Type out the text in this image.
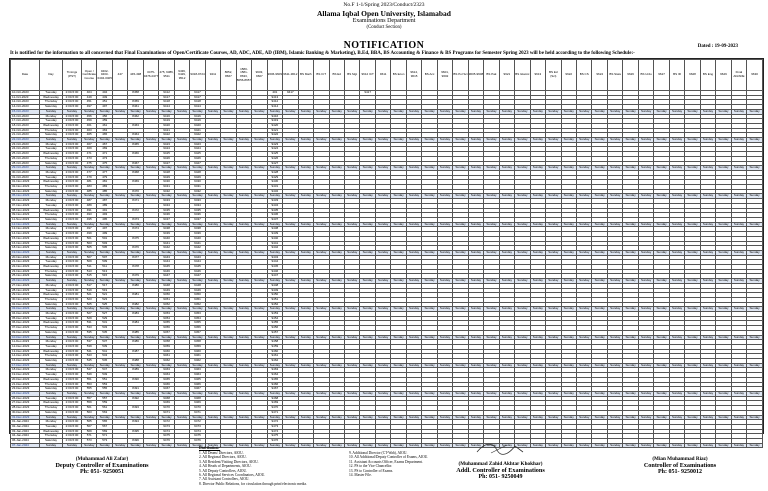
No.F 1-1/Spring 2023/Conduct/2323
Allama Iqbal Open University, Islamabad
Examinations Department
(Conduct Section)
Dated : 19-09-2023
NOTIFICATION
It is notified for the information to all concerned that Final Examinations of Open/Certificate Courses, AD, ADC, ADE, AD (IBM), Islamic Banking & Marketing), B.Ed, BBA, BS Accounting & Finance & BS Programs for Semester Spring 2023 will be held according to the following Schedule:-
Date	Day	Timings (PST)	Open / Certificate Course	0402-0403-0404-0405	447	445-498	0475-0476-0477	475, 9386, 9511	9436, 6429, 9512	9318-9724	9411	8652, 8667	1580-1581-8633, 8656-8657	9603, 9607	9606-9609	9611-9612	BS Math	BS ICT	BS Ed	BS Mgt	9612 ICT	9611	BS Econ	9614, 9615	BS Acc	9601, 9602	BS Pol Sci	9605-9608	BS Pak	9621	BS Islamic	9613	BS Ed (Sci)	9622	BS CS	9624	BS Stats	9626	BS Urdu	9627	BS IR	9628	BS Eng	9629	Final AD/ADE	9630
10-Oct-2023	Tuesday	2:00-5:00	404	404		8458		9412		9417					401	9417					9417																									
11-Oct-2023	Wednesday	2:00-5:00	449	449				9417		9417					9413																															
12-Oct-2023	Thursday	2:00-5:00	451	451		8459		9418		9418					9412																															
14-Oct-2023	Saturday	2:00-5:00	497	497		8461		9414		9414					9414																															
15-Oct-2023	Sunday	Sunday	Sunday	Sunday	Sunday	Sunday	Sunday	Sunday	Sunday	Sunday	Sunday	Sunday	Sunday	Sunday	Sunday	Sunday	Sunday	Sunday	Sunday	Sunday	Sunday	Sunday	Sunday	Sunday	Sunday	Sunday	Sunday	Sunday	Sunday	Sunday	Sunday	Sunday	Sunday	Sunday	Sunday	Sunday	Sunday	Sunday	Sunday	Sunday	Sunday	Sunday	Sunday	Sunday	Sunday	Sunday
16-Oct-2023	Monday	2:00-5:00	456	456		8462		9416		9416					9416																															
17-Oct-2023	Tuesday	2:00-5:00	459	459				9419		9419					9419																															
18-Oct-2023	Wednesday	2:00-5:00	461	461		8463		9420		9420					9420																															
19-Oct-2023	Thursday	2:00-5:00	463	463				9421		9421					9421																															
21-Oct-2023	Saturday	2:00-5:00	465	465		8464		9422		9422					9422																															
22-Oct-2023	Sunday	Sunday	Sunday	Sunday	Sunday	Sunday	Sunday	Sunday	Sunday	Sunday	Sunday	Sunday	Sunday	Sunday	Sunday	Sunday	Sunday	Sunday	Sunday	Sunday	Sunday	Sunday	Sunday	Sunday	Sunday	Sunday	Sunday	Sunday	Sunday	Sunday	Sunday	Sunday	Sunday	Sunday	Sunday	Sunday	Sunday	Sunday	Sunday	Sunday	Sunday	Sunday	Sunday	Sunday	Sunday	Sunday
23-Oct-2023	Monday	2:00-5:00	467	467		8465		9423		9423					9423																															
24-Oct-2023	Tuesday	2:00-5:00	469	469				9424		9424					9424																															
25-Oct-2023	Wednesday	2:00-5:00	471	471		8466		9425		9425					9425																															
26-Oct-2023	Thursday	2:00-5:00	473	473				9426		9426					9426																															
28-Oct-2023	Saturday	2:00-5:00	475	475		8467		9427		9427					9427																															
29-Oct-2023	Sunday	Sunday	Sunday	Sunday	Sunday	Sunday	Sunday	Sunday	Sunday	Sunday	Sunday	Sunday	Sunday	Sunday	Sunday	Sunday	Sunday	Sunday	Sunday	Sunday	Sunday	Sunday	Sunday	Sunday	Sunday	Sunday	Sunday	Sunday	Sunday	Sunday	Sunday	Sunday	Sunday	Sunday	Sunday	Sunday	Sunday	Sunday	Sunday	Sunday	Sunday	Sunday	Sunday	Sunday	Sunday	Sunday
30-Oct-2023	Monday	2:00-5:00	477	477		8468		9428		9428					9428																															
31-Oct-2023	Tuesday	2:00-5:00	479	479				9429		9429					9429																															
01-Nov-2023	Wednesday	2:00-5:00	481	481		8469		9430		9430					9430																															
02-Nov-2023	Thursday	2:00-5:00	483	483				9431		9431					9431																															
04-Nov-2023	Saturday	2:00-5:00	485	485		8470		9432		9432					9432																															
05-Nov-2023	Sunday	Sunday	Sunday	Sunday	Sunday	Sunday	Sunday	Sunday	Sunday	Sunday	Sunday	Sunday	Sunday	Sunday	Sunday	Sunday	Sunday	Sunday	Sunday	Sunday	Sunday	Sunday	Sunday	Sunday	Sunday	Sunday	Sunday	Sunday	Sunday	Sunday	Sunday	Sunday	Sunday	Sunday	Sunday	Sunday	Sunday	Sunday	Sunday	Sunday	Sunday	Sunday	Sunday	Sunday	Sunday	Sunday
06-Nov-2023	Monday	2:00-5:00	487	487		8471		9433		9433					9433																															
07-Nov-2023	Tuesday	2:00-5:00	489	489				9434		9434					9434																															
08-Nov-2023	Wednesday	2:00-5:00	491	491		8472		9435		9435					9435																															
09-Nov-2023	Thursday	2:00-5:00	493	493				9436		9436					9436																															
11-Nov-2023	Saturday	2:00-5:00	495	495		8473		9437		9437					9437																															
12-Nov-2023	Sunday	Sunday	Sunday	Sunday	Sunday	Sunday	Sunday	Sunday	Sunday	Sunday	Sunday	Sunday	Sunday	Sunday	Sunday	Sunday	Sunday	Sunday	Sunday	Sunday	Sunday	Sunday	Sunday	Sunday	Sunday	Sunday	Sunday	Sunday	Sunday	Sunday	Sunday	Sunday	Sunday	Sunday	Sunday	Sunday	Sunday	Sunday	Sunday	Sunday	Sunday	Sunday	Sunday	Sunday	Sunday	Sunday
13-Nov-2023	Monday	2:00-5:00	497	497		8474		9438		9438					9438																															
14-Nov-2023	Tuesday	2:00-5:00	499	499				9439		9439					9439																															
15-Nov-2023	Wednesday	2:00-5:00	501	501		8475		9440		9440					9440																															
16-Nov-2023	Thursday	2:00-5:00	503	503				9441		9441					9441																															
18-Nov-2023	Saturday	2:00-5:00	505	505		8476		9442		9442					9442																															
19-Nov-2023	Sunday	Sunday	Sunday	Sunday	Sunday	Sunday	Sunday	Sunday	Sunday	Sunday	Sunday	Sunday	Sunday	Sunday	Sunday	Sunday	Sunday	Sunday	Sunday	Sunday	Sunday	Sunday	Sunday	Sunday	Sunday	Sunday	Sunday	Sunday	Sunday	Sunday	Sunday	Sunday	Sunday	Sunday	Sunday	Sunday	Sunday	Sunday	Sunday	Sunday	Sunday	Sunday	Sunday	Sunday	Sunday	Sunday
20-Nov-2023	Monday	2:00-5:00	507	507		8477		9443		9443					9443																															
21-Nov-2023	Tuesday	2:00-5:00	509	509				9444		9444					9444																															
22-Nov-2023	Wednesday	2:00-5:00	511	511		8478		9445		9445					9445																															
23-Nov-2023	Thursday	2:00-5:00	513	513				9446		9446					9446																															
25-Nov-2023	Saturday	2:00-5:00	515	515		8479		9447		9447					9447																															
26-Nov-2023	Sunday	Sunday	Sunday	Sunday	Sunday	Sunday	Sunday	Sunday	Sunday	Sunday	Sunday	Sunday	Sunday	Sunday	Sunday	Sunday	Sunday	Sunday	Sunday	Sunday	Sunday	Sunday	Sunday	Sunday	Sunday	Sunday	Sunday	Sunday	Sunday	Sunday	Sunday	Sunday	Sunday	Sunday	Sunday	Sunday	Sunday	Sunday	Sunday	Sunday	Sunday	Sunday	Sunday	Sunday	Sunday	Sunday
27-Nov-2023	Monday	2:00-5:00	517	517		8480		9448		9448					9448																															
28-Nov-2023	Tuesday	2:00-5:00	519	519				9449		9449					9449																															
29-Nov-2023	Wednesday	2:00-5:00	521	521		8481		9450		9450					9450																															
30-Nov-2023	Thursday	2:00-5:00	523	523				9451		9451					9451																															
02-Dec-2023	Saturday	2:00-5:00	525	525		8482		9452		9452					9452																															
03-Dec-2023	Sunday	Sunday	Sunday	Sunday	Sunday	Sunday	Sunday	Sunday	Sunday	Sunday	Sunday	Sunday	Sunday	Sunday	Sunday	Sunday	Sunday	Sunday	Sunday	Sunday	Sunday	Sunday	Sunday	Sunday	Sunday	Sunday	Sunday	Sunday	Sunday	Sunday	Sunday	Sunday	Sunday	Sunday	Sunday	Sunday	Sunday	Sunday	Sunday	Sunday	Sunday	Sunday	Sunday	Sunday	Sunday	Sunday
04-Dec-2023	Monday	2:00-5:00	527	527		8483		9453		9453					9453																															
05-Dec-2023	Tuesday	2:00-5:00	529	529				9454		9454					9454																															
06-Dec-2023	Wednesday	2:00-5:00	531	531		8484		9455		9455					9455																															
07-Dec-2023	Thursday	2:00-5:00	533	533				9456		9456					9456																															
09-Dec-2023	Saturday	2:00-5:00	535	535		8485		9457		9457					9457																															
10-Dec-2023	Sunday	Sunday	Sunday	Sunday	Sunday	Sunday	Sunday	Sunday	Sunday	Sunday	Sunday	Sunday	Sunday	Sunday	Sunday	Sunday	Sunday	Sunday	Sunday	Sunday	Sunday	Sunday	Sunday	Sunday	Sunday	Sunday	Sunday	Sunday	Sunday	Sunday	Sunday	Sunday	Sunday	Sunday	Sunday	Sunday	Sunday	Sunday	Sunday	Sunday	Sunday	Sunday	Sunday	Sunday	Sunday	Sunday
11-Dec-2023	Monday	2:00-5:00	537	537		8486		9458		9458					9458																															
12-Dec-2023	Tuesday	2:00-5:00	539	539				9459		9459					9459																															
13-Dec-2023	Wednesday	2:00-5:00	541	541		8487		9460		9460					9460																															
14-Dec-2023	Thursday	2:00-5:00	543	543				9461		9461					9461																															
16-Dec-2023	Saturday	2:00-5:00	545	545		8488		9462		9462					9462																															
17-Dec-2023	Sunday	Sunday	Sunday	Sunday	Sunday	Sunday	Sunday	Sunday	Sunday	Sunday	Sunday	Sunday	Sunday	Sunday	Sunday	Sunday	Sunday	Sunday	Sunday	Sunday	Sunday	Sunday	Sunday	Sunday	Sunday	Sunday	Sunday	Sunday	Sunday	Sunday	Sunday	Sunday	Sunday	Sunday	Sunday	Sunday	Sunday	Sunday	Sunday	Sunday	Sunday	Sunday	Sunday	Sunday	Sunday	Sunday
18-Dec-2023	Monday	2:00-5:00	547	547		8489		9463		9463					9463																															
19-Dec-2023	Tuesday	2:00-5:00	549	549				9464		9464					9464																															
20-Dec-2023	Wednesday	2:00-5:00	551	551		8490		9465		9465					9465																															
21-Dec-2023	Thursday	2:00-5:00	553	553				9466		9466					9466																															
23-Dec-2023	Saturday	2:00-5:00	555	555		8491		9467		9467					9467																															
24-Dec-2023	Sunday	Sunday	Sunday	Sunday	Sunday	Sunday	Sunday	Sunday	Sunday	Sunday	Sunday	Sunday	Sunday	Sunday	Sunday	Sunday	Sunday	Sunday	Sunday	Sunday	Sunday	Sunday	Sunday	Sunday	Sunday	Sunday	Sunday	Sunday	Sunday	Sunday	Sunday	Sunday	Sunday	Sunday	Sunday	Sunday	Sunday	Sunday	Sunday	Sunday	Sunday	Sunday	Sunday	Sunday	Sunday	Sunday
26-Dec-2023	Tuesday	2:00-5:00	557	557		8492		9468		9468					9468																															
27-Dec-2023	Wednesday	2:00-5:00	559	559				9469		9469					9469																															
28-Dec-2023	Thursday	2:00-5:00	561	561		8493		9470		9470					9470																															
30-Dec-2023	Saturday	2:00-5:00	563	563				9471		9471					9471																															
31-Dec-2023	Sunday	Sunday	Sunday	Sunday	Sunday	Sunday	Sunday	Sunday	Sunday	Sunday	Sunday	Sunday	Sunday	Sunday	Sunday	Sunday	Sunday	Sunday	Sunday	Sunday	Sunday	Sunday	Sunday	Sunday	Sunday	Sunday	Sunday	Sunday	Sunday	Sunday	Sunday	Sunday	Sunday	Sunday	Sunday	Sunday	Sunday	Sunday	Sunday	Sunday	Sunday	Sunday	Sunday	Sunday	Sunday	Sunday
01-Jan-2024	Monday	2:00-5:00	565	565		8494		9472		9472					9472																															
02-Jan-2024	Tuesday	2:00-5:00	567	567				9473		9473					9473																															
03-Jan-2024	Wednesday	2:00-5:00	569	569		8495		9474		9474					9474																															
04-Jan-2024	Thursday	2:00-5:00	571	571				9475		9475					9475																															
06-Jan-2024	Saturday	2:00-5:00	573	573		8496		9476		9476					9476																															
07-Jan-2024	Sunday	Sunday	Sunday	Sunday	Sunday	Sunday	Sunday	Sunday	Sunday	Sunday	Sunday	Sunday	Sunday	Sunday	Sunday	Sunday	Sunday	Sunday	Sunday	Sunday	Sunday	Sunday	Sunday	Sunday	Sunday	Sunday	Sunday	Sunday	Sunday	Sunday	Sunday	Sunday	Sunday	Sunday	Sunday	Sunday	Sunday	Sunday	Sunday	Sunday	Sunday	Sunday	Sunday	Sunday	Sunday	Sunday
(Muhammad Ali Zafar)
Deputy Controller of Examinations
Ph: 051- 9250051
Distribution:-
1. All Deans/ Directors, AIOU.
2. All Regional Directors, AIOU.
3. All Resident/Visiting Directors, AIOU.
4. All Heads of Departments, AIOU.
5. All Deputy Controllers, AIOU.
6. All Regional Services Coordinators, AIOU.
7. All Assistant Controllers, AIOU.
8. Director Public Relations, for circulation through print/electronic media.
9. Additional Director (CT-Wah), AIOU.
10. All Additional/Deputy Controller of Exams, AIOU.
11. Assistant Accounts Officer, Exams Department.
12. PS to the Vice Chancellor.
13. PS to Controller of Exams.
14. Master File.
(Muhammad Zahid Akhtar Khokhar)
Addl. Controller of Examinations
Ph: 051- 9250049
(Mian Muhammad Riaz)
Controller of Examinations
Ph: 051- 9250012
